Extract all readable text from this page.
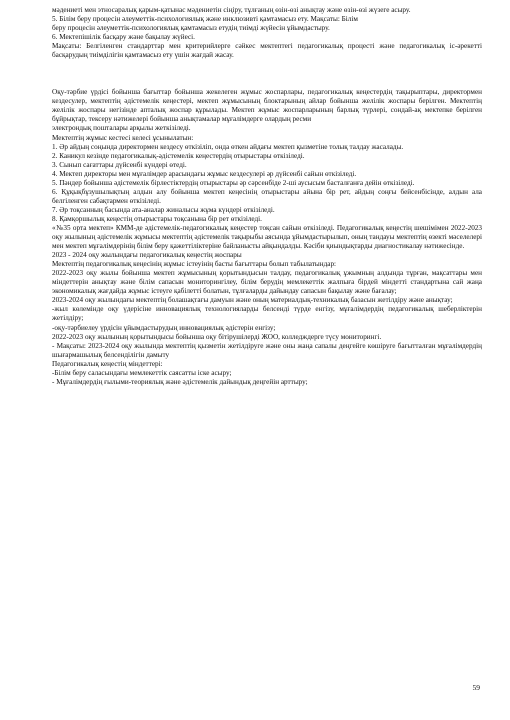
мәдениеті мен этносаралық қарым-қатынас мәдениетін сіңіру, тұлғаның өзін-өзі анықтау және өзін-өзі жүзеге асыру.

5. Білім беру процесін әлеуметтік-психологиялық және инклюзивті қамтамасыз ету. Мақсаты: Білім

беру процесін әлеуметтік-психологиялық қамтамасыз етудің тиімді жүйесін ұйымдастыру.

6. Мектепішілік басқару және бақылау жүйесі.

Мақсаты: Белгіленген стандарттар мен критерийлерге сәйкес мектептегі педагогикалық процесті және педагогикалық іс-әрекетті басқарудың тиімділігін қамтамасыз ету үшін жағдай жасау.

Оқу-тәрбие үрдісі бойынша бағыттар бойынша жекелеген жұмыс жоспарлары, педагогикалық кеңестердің тақырыптары, директормен кездесулер, мектептің әдістемелік кеңестері, мектеп жұмысының блоктарының айлар бойынша желілік жоспары берілген. Мектептің желілік жоспары негізінде апталық жоспар құрылады. Мектеп жұмыс жоспарларының барлық түрлері, сондай-ақ мектепке берілген бұйрықтар, тексеру нәтижелері бойынша анықтамалар мұғалімдерге олардың ресми

электрондық пошталары арқылы жеткізіледі.

Мектептің жұмыс кестесі келесі ұсынылатын:

1. Әр айдың соңында директормен кездесу өткізіліп, онда өткен айдағы мектеп қызметіне толық талдау жасалады.

2. Каникул кезінде педагогикалық-әдістемелік кеңестердің отырыстары өткізіледі.

3. Сынып сағаттары дүйсенбі күндері өтеді.

4. Мектеп директоры мен мұғалімдер арасындағы жұмыс кездесулері әр дүйсенбі сайын өткізіледі.

5. Пәндер бойынша әдістемелік бірлестіктердің отырыстары әр сәрсенбіде 2-ші аусысым басталғанға дейін өткізіледі.

6. Құқықбұзушылықтың алдын алу бойынша мектеп кеңесінің отырыстары айына бір рет, айдың соңғы бейсенбісінде, алдын ала белгіленген сабақтармен өткізіледі.

7. Әр тоқсанның басында ата-аналар жиналысы жұма күндері өткізіледі.

8. Қамқоршылық кеңестің отырыстары тоқсанына бір рет өткізіледі.

«№35 орта мектеп» КММ-де әдістемелік-педагогикалық кеңестер тоқсан сайын өткізіледі. Педагогикалық кеңестің шешімімен 2022-2023 оқу жылының әдістемелік жұмысы мектептің әдістемелік тақырыбы аясында ұйымдастырылып, оның тандауы мектептің өзекті мәселелері мен мектеп мұғалімдерінің білім беру қажеттіліктеріне байланысты айқындалды. Кәсіби қиындықтарды диагностикалау нәтижесінде.

2023 - 2024 оқу жылындағы педагогикалық кеңестің жоспары

Мектептің педагогикалық кеңесінің жұмыс істеуінің басты бағыттары болып табылатындар:

2022-2023 оқу жылы бойынша мектеп жұмысының қорытындысын талдау, педагогикалық ұжымның алдында тұрған, мақсаттары мен міндеттерін анықтау және білім сапасын мониторингілеу, білім берудің мемлекеттік жалпыға бірдей міндетті стандартына сай жаңа экономикалық жағдайда жұмыс істеуге қабілетті болатын, тұлғаларды дайындау сапасын бақылау және бағалау;

2023-2024 оқу жылындағы мектептің болашақтағы дамуын және оның материалдық-техникалық базасын жетілдіру және анықтау;

-жыл көлемінде оқу үдерісіне инновациялық технологияларды белсенді түрде енгізу, мұғалімдердің педагогикалық шеберліктерін жетілдіру;

-оқу-тәрбиелеу үрдісін ұйымдастырудың инновациялық әдістерін енгізу;

2022-2023 оқу жылының қорытындысы бойынша оқу бітірушілерді ЖОО, колледждерге түсу мониторингі.

- Мақсаты: 2023-2024 оқу жылында мектептің қызметін жетілдіруге және оны жаңа сапалы деңгейге көшіруге бағытталған мұғалімдердің шығармашылық белсенділігін дамыту

Педагогикалық кеңестің міндеттері:

-Білім беру саласындағы мемлекеттік саясатты іске асыру;

- Мұғалімдердің ғылыми-теориялық және әдістемелік дайындық деңгейін арттыру;

59
